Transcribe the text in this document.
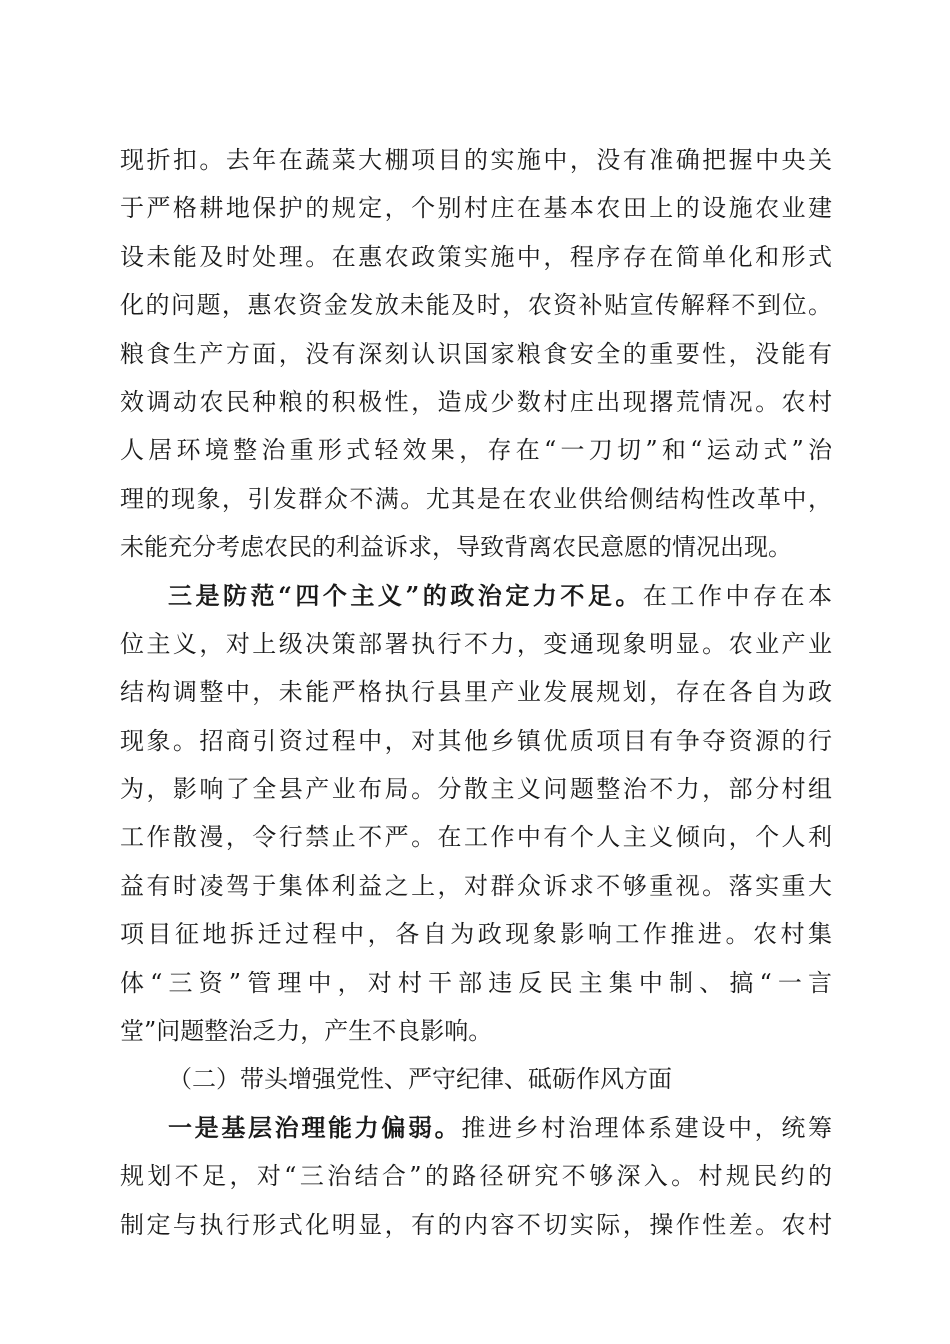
现折扣。去年在蔬菜大棚项目的实施中，没有准确把握中央关
于严格耕地保护的规定，个别村庄在基本农田上的设施农业建
设未能及时处理。在惠农政策实施中，程序存在简单化和形式
化的问题，惠农资金发放未能及时，农资补贴宣传解释不到位。
粮食生产方面，没有深刻认识国家粮食安全的重要性，没能有
效调动农民种粮的积极性，造成少数村庄出现撂荒情况。农村
人居环境整治重形式轻效果，存在“一刀切”和“运动式”治
理的现象，引发群众不满。尤其是在农业供给侧结构性改革中，
未能充分考虑农民的利益诉求，导致背离农民意愿的情况出现。
三是防范“四个主义”的政治定力不足。在工作中存在本
位主义，对上级决策部署执行不力，变通现象明显。农业产业
结构调整中，未能严格执行县里产业发展规划，存在各自为政
现象。招商引资过程中，对其他乡镇优质项目有争夺资源的行
为，影响了全县产业布局。分散主义问题整治不力，部分村组
工作散漫，令行禁止不严。在工作中有个人主义倾向，个人利
益有时凌驾于集体利益之上，对群众诉求不够重视。落实重大
项目征地拆迁过程中，各自为政现象影响工作推进。农村集
体“三资”管理中，对村干部违反民主集中制、搞“一言
堂”问题整治乏力，产生不良影响。
（二）带头增强党性、严守纪律、砥砺作风方面
一是基层治理能力偏弱。推进乡村治理体系建设中，统筹
规划不足，对“三治结合”的路径研究不够深入。村规民约的
制定与执行形式化明显，有的内容不切实际，操作性差。农村
